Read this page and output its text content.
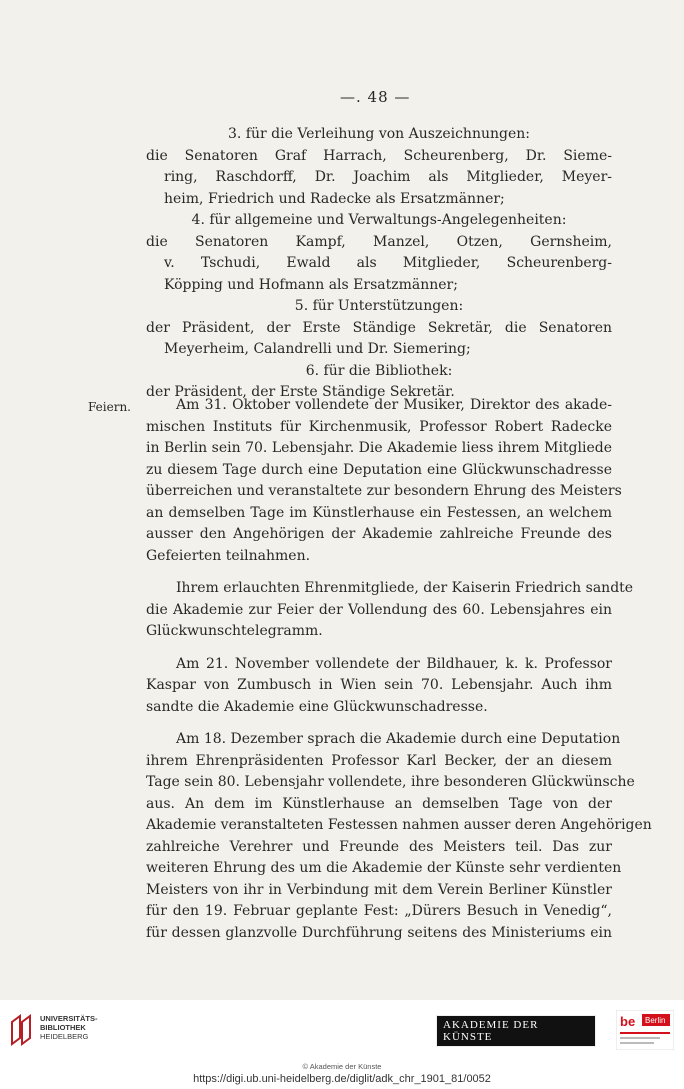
—. 48 —
3. für die Verleihung von Auszeichnungen:
die Senatoren Graf Harrach, Scheurenberg, Dr. Sieme-
ring, Raschdorff, Dr. Joachim als Mitglieder, Meyer-
heim, Friedrich und Radecke als Ersatzmänner;
4. für allgemeine und Verwaltungs-Angelegenheiten:
die Senatoren Kampf, Manzel, Otzen, Gernsheim,
v. Tschudi, Ewald als Mitglieder, Scheurenberg-
Köpping und Hofmann als Ersatzmänner;
5. für Unterstützungen:
der Präsident, der Erste Ständige Sekretär, die Senatoren
Meyerheim, Calandrelli und Dr. Siemering;
6. für die Bibliothek:
der Präsident, der Erste Ständige Sekretär.
Feiern.	Am 31. Oktober vollendete der Musiker, Direktor des akade-
mischen Instituts für Kirchenmusik, Professor Robert Radecke
in Berlin sein 70. Lebensjahr. Die Akademie liess ihrem Mitgliede
zu diesem Tage durch eine Deputation eine Glückwunschadresse
überreichen und veranstaltete zur besondern Ehrung des Meisters
an demselben Tage im Künstlerhause ein Festessen, an welchem
ausser den Angehörigen der Akademie zahlreiche Freunde des
Gefeierten teilnahmen.
Ihrem erlauchten Ehrenmitgliede, der Kaiserin Friedrich sandte
die Akademie zur Feier der Vollendung des 60. Lebensjahres ein
Glückwunschtelegramm.
Am 21. November vollendete der Bildhauer, k. k. Professor
Kaspar von Zumbusch in Wien sein 70. Lebensjahr. Auch ihm
sandte die Akademie eine Glückwunschadresse.
Am 18. Dezember sprach die Akademie durch eine Deputation
ihrem Ehrenpräsidenten Professor Karl Becker, der an diesem
Tage sein 80. Lebensjahr vollendete, ihre besonderen Glückwünsche
aus. An dem im Künstlerhause an demselben Tage von der
Akademie veranstalteten Festessen nahmen ausser deren Angehörigen
zahlreiche Verehrer und Freunde des Meisters teil. Das zur
weiteren Ehrung des um die Akademie der Künste sehr verdienten
Meisters von ihr in Verbindung mit dem Verein Berliner Künstler
für den 19. Februar geplante Fest: „Dürers Besuch in Venedig“,
für dessen glanzvolle Durchführung seitens des Ministeriums ein
UNIVERSITÄTS-
BIBLIOTHEK
HEIDELBERG
AKADEMIE DER KÜNSTE
be Berlin
© Akademie der Künste
https://digi.ub.uni-heidelberg.de/diglit/adk_chr_1901_81/0052
